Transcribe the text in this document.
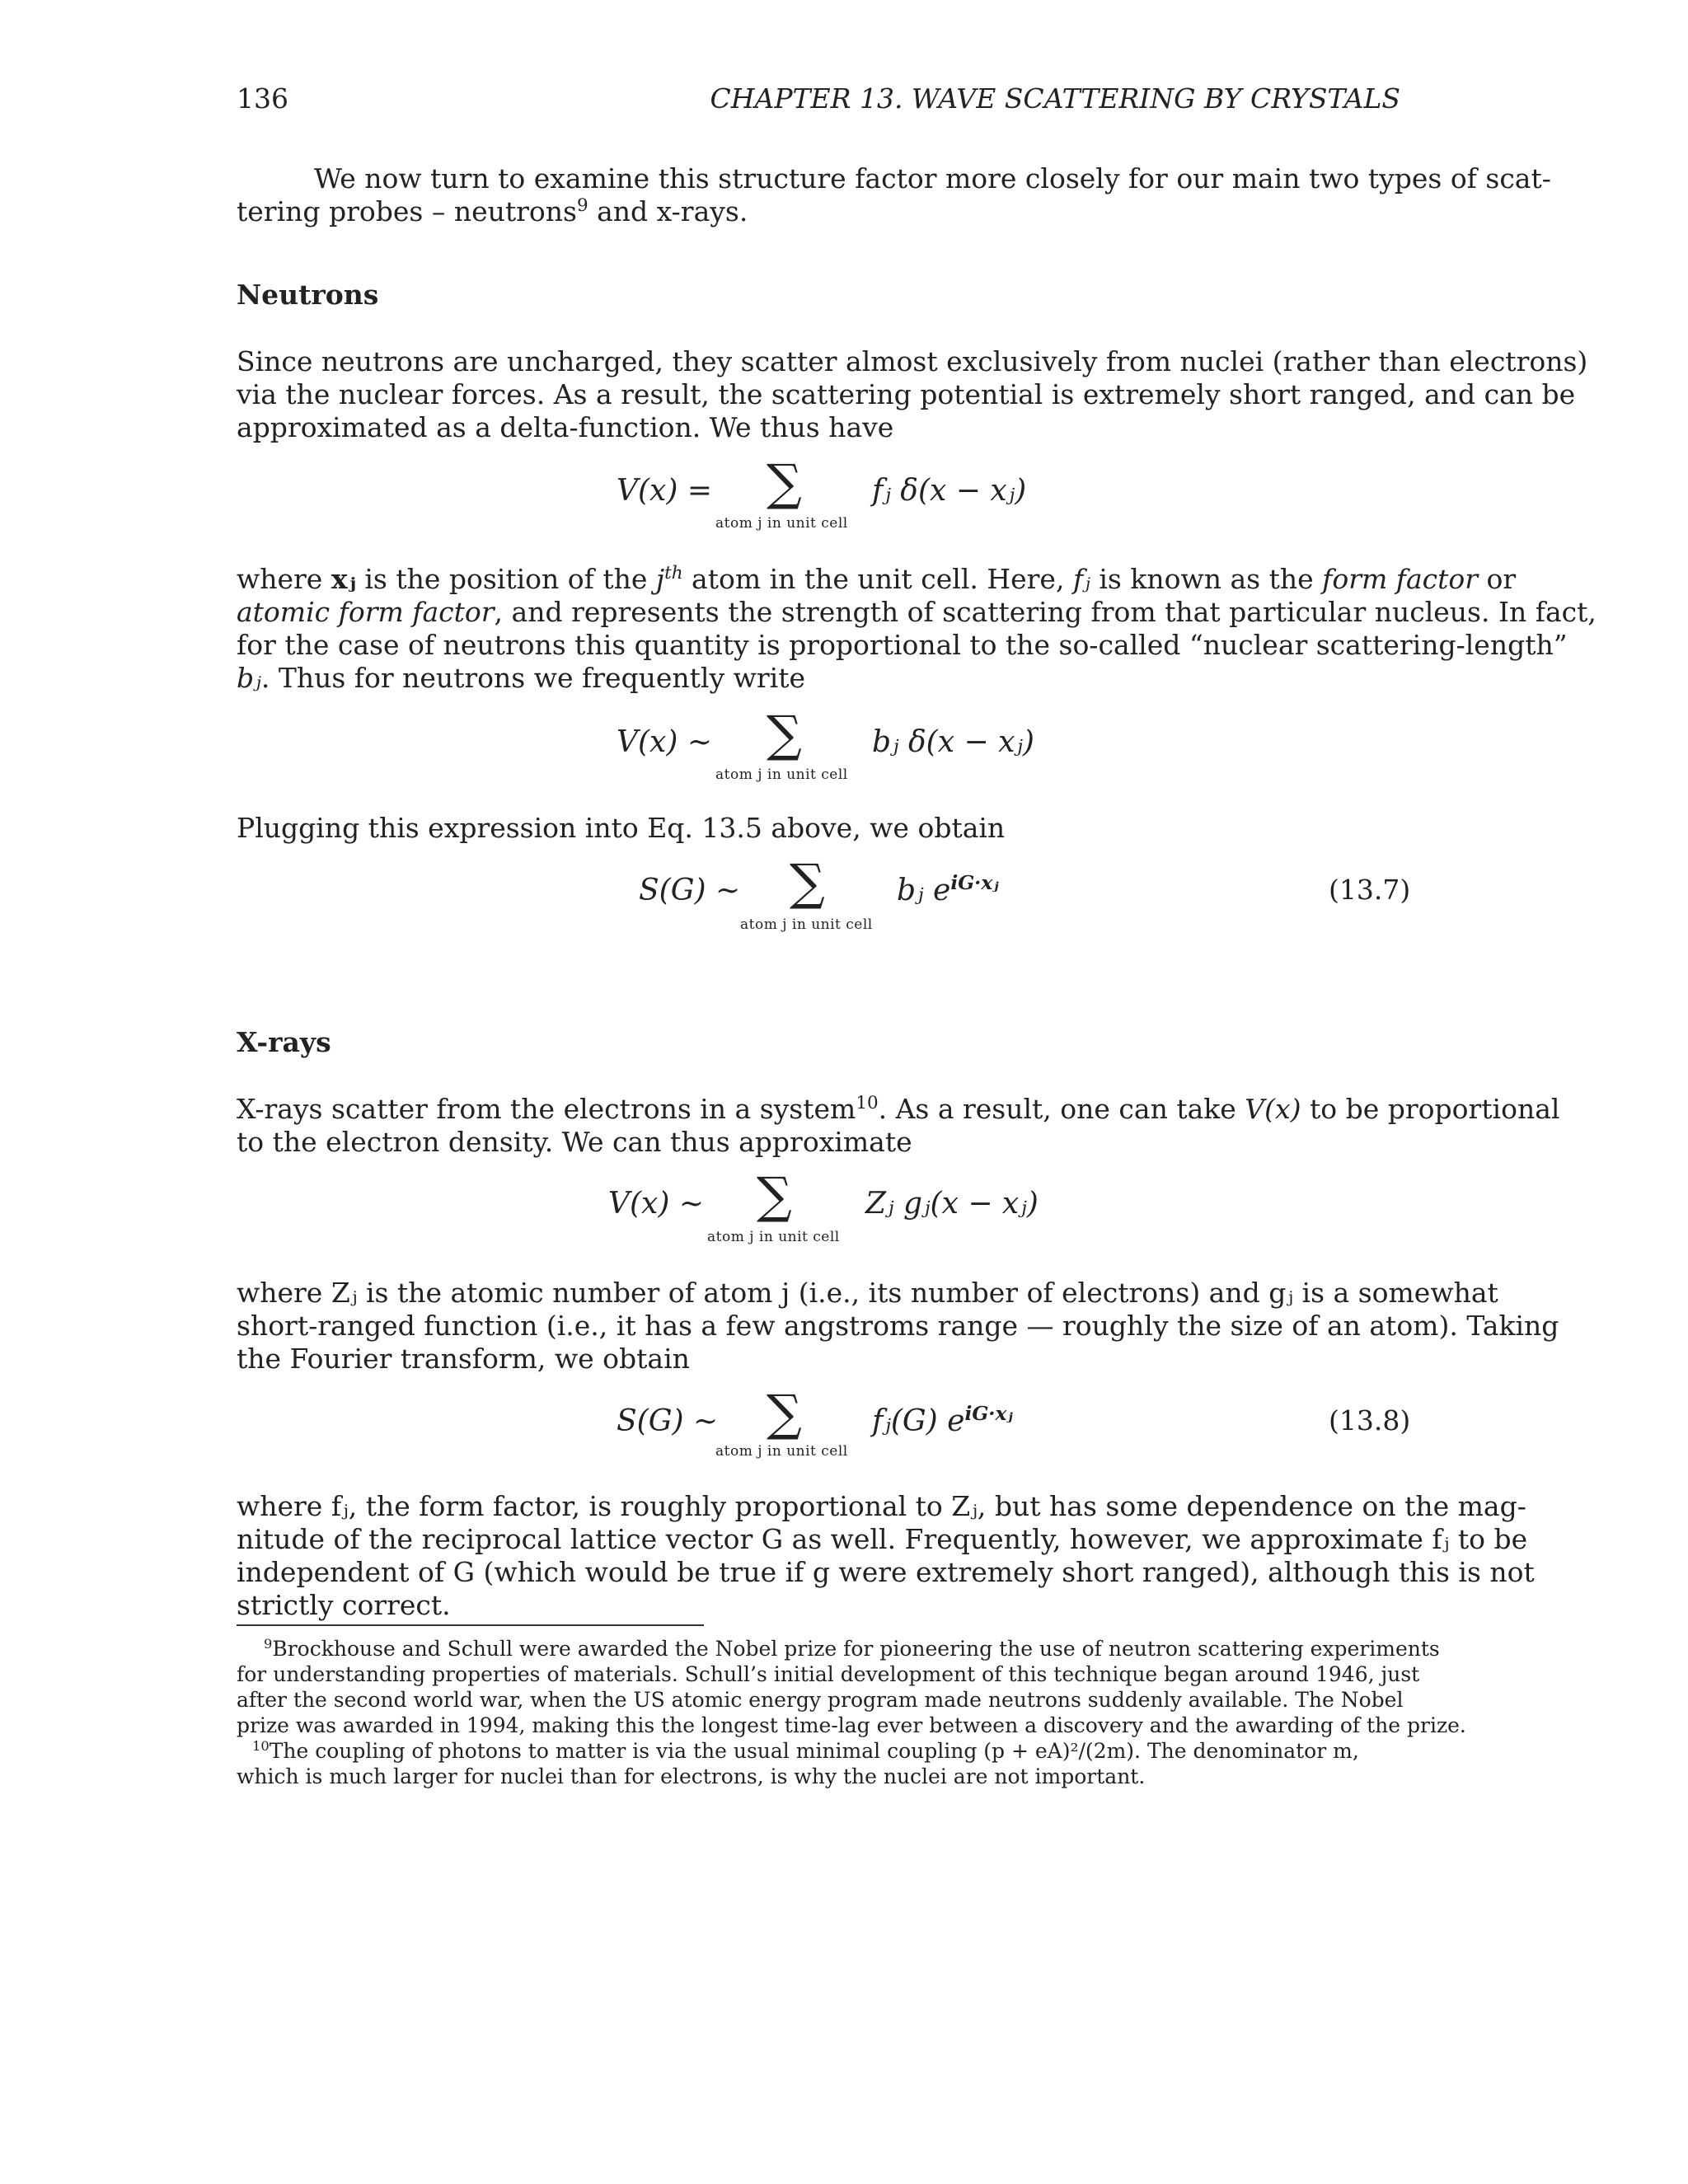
136	CHAPTER 13. WAVE SCATTERING BY CRYSTALS
We now turn to examine this structure factor more closely for our main two types of scat-
tering probes – neutrons$^9$ and x-rays.
Neutrons
Since neutrons are uncharged, they scatter almost exclusively from nuclei (rather than electrons)
via the nuclear forces. As a result, the scattering potential is extremely short ranged, and can be
approximated as a delta-function. We thus have
V(x) = ∑ fⱼ δ(x − xⱼ)
atom j in unit cell
where xⱼ is the position of the $j^{th}$ atom in the unit cell. Here, fⱼ is known as the form factor or
atomic form factor, and represents the strength of scattering from that particular nucleus. In fact,
for the case of neutrons this quantity is proportional to the so-called “nuclear scattering-length”
bⱼ. Thus for neutrons we frequently write
V(x) ∼ ∑ bⱼ δ(x − xⱼ)
atom j in unit cell
Plugging this expression into Eq. 13.5 above, we obtain
S(G) ∼ ∑ bⱼ $e^{iG\cdot xⱼ}$
atom j in unit cell
(13.7)
X-rays
X-rays scatter from the electrons in a system$^{10}$. As a result, one can take V(x) to be proportional
to the electron density. We can thus approximate
V(x) ∼ ∑ Zⱼ gⱼ(x − xⱼ)
atom j in unit cell
where Zⱼ is the atomic number of atom j (i.e., its number of electrons) and gⱼ is a somewhat
short-ranged function (i.e., it has a few angstroms range — roughly the size of an atom). Taking
the Fourier transform, we obtain
S(G) ∼ ∑ fⱼ(G) $e^{iG\cdot xⱼ}$
atom j in unit cell
(13.8)
where fⱼ, the form factor, is roughly proportional to Zⱼ, but has some dependence on the mag-
nitude of the reciprocal lattice vector G as well. Frequently, however, we approximate fⱼ to be
independent of G (which would be true if g were extremely short ranged), although this is not
strictly correct.
$^9$Brockhouse and Schull were awarded the Nobel prize for pioneering the use of neutron scattering experiments
for understanding properties of materials. Schull’s initial development of this technique began around 1946, just
after the second world war, when the US atomic energy program made neutrons suddenly available. The Nobel
prize was awarded in 1994, making this the longest time-lag ever between a discovery and the awarding of the prize.
$^{10}$The coupling of photons to matter is via the usual minimal coupling (p + eA)²/(2m). The denominator m,
which is much larger for nuclei than for electrons, is why the nuclei are not important.
